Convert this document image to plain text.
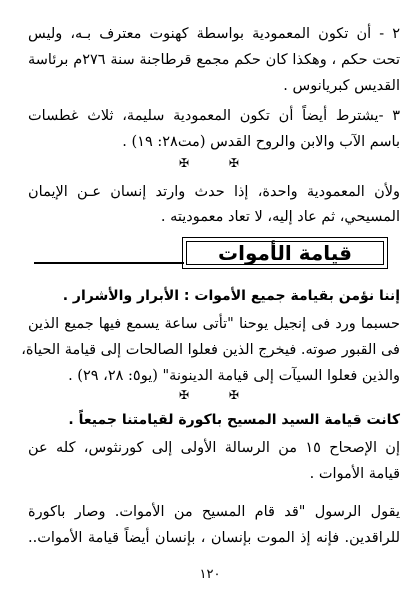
٢ - أن تكون المعمودية بواسطة كهنوت معترف بـه، وليس
تحت حكم ، وهكذا كان حكم مجمع قرطاجنة سنة ٢٧٦م برئاسة
القديس كبريانوس .
٣ -يشترط أيضاً أن تكون المعمودية سليمة، ثلاث غطسات
باسم الآب والابن والروح القدس (مت٢٨: ١٩) .
✠	✠
ولأن المعمودية واحدة، إذا حدث وارتد إنسان عـن الإيمان
المسيحي، ثم عاد إليه، لا تعاد معموديته .
قيامة الأموات
إننا نؤمن بقيامة جميع الأموات : الأبرار والأشرار .
حسبما ورد فى إنجيل يوحنا "تأتى ساعة يسمع فيها جميع الذين
فى القبور صوته. فيخرج الذين فعلوا الصالحات إلى قيامة الحياة،
والذين فعلوا السيآت إلى قيامة الدينونة" (يو٥: ٢٨، ٢٩) .
✠	✠
كانت قيامة السيد المسيح باكورة لقيامتنا جميعاً .
إن الإصحاح ١٥ من الرسالة الأولى إلى كورنثوس، كله عن
قيامة الأموات .
يقول الرسول "قد قام المسيح من الأموات. وصار باكورة
للراقدين. فإنه إذ الموت بإنسان ، بإنسان أيضاً قيامة الأموات..
١٢٠
